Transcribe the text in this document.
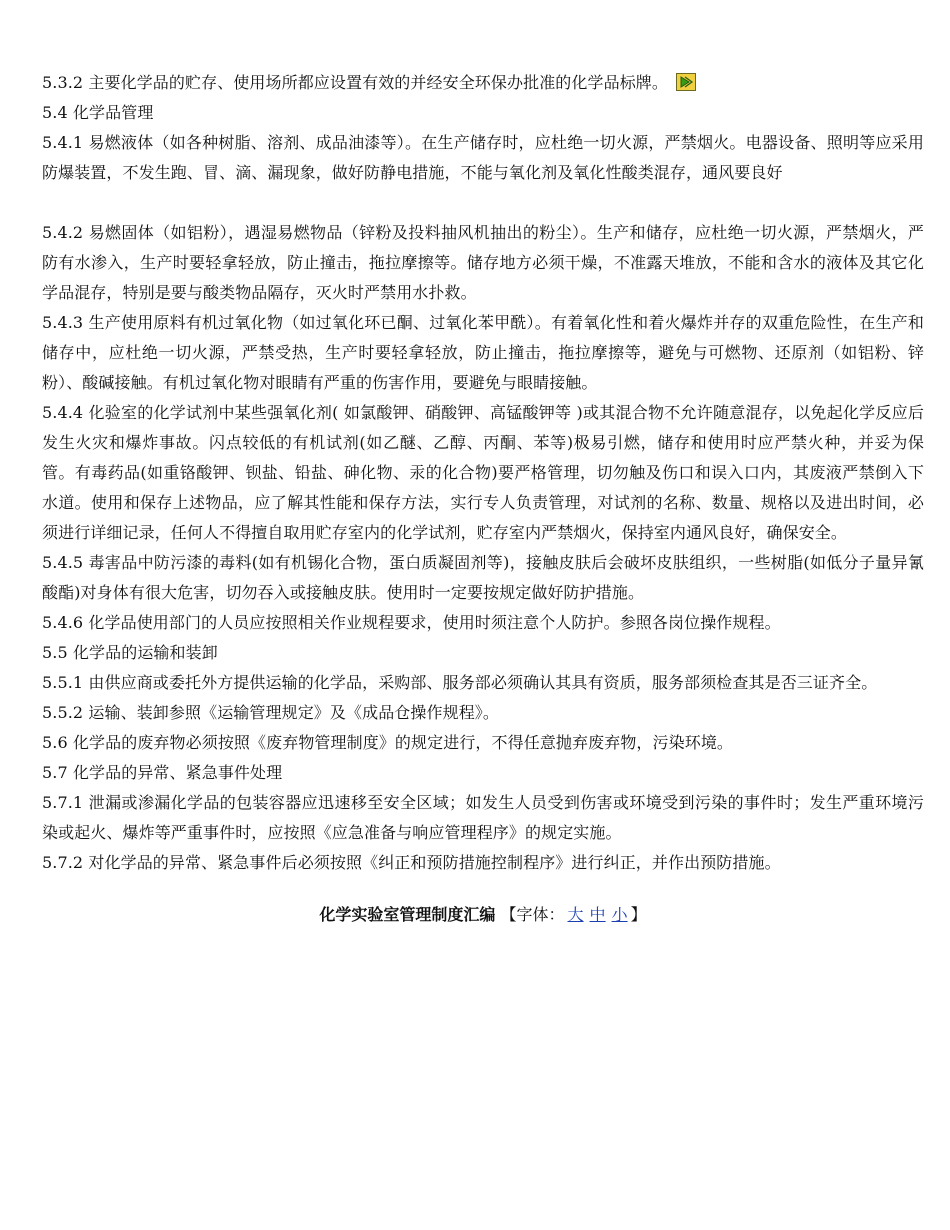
5.3.2 主要化学品的贮存、使用场所都应设置有效的并经安全环保办批准的化学品标牌。

5.4 化学品管理

5.4.1 易燃液体（如各种树脂、溶剂、成品油漆等）。在生产储存时，应杜绝一切火源，严禁烟火。电器设备、照明等应采用防爆装置，不发生跑、冒、滴、漏现象，做好防静电措施，不能与氧化剂及氧化性酸类混存，通风要良好

5.4.2 易燃固体（如铝粉），遇湿易燃物品（锌粉及投料抽风机抽出的粉尘）。生产和储存，应杜绝一切火源，严禁烟火，严防有水渗入，生产时要轻拿轻放，防止撞击，拖拉摩擦等。储存地方必须干燥，不准露天堆放，不能和含水的液体及其它化学品混存，特别是要与酸类物品隔存，灭火时严禁用水扑救。

5.4.3 生产使用原料有机过氧化物（如过氧化环已酮、过氧化苯甲酰）。有着氧化性和着火爆炸并存的双重危险性，在生产和储存中，应杜绝一切火源，严禁受热，生产时要轻拿轻放，防止撞击，拖拉摩擦等，避免与可燃物、还原剂（如铝粉、锌粉）、酸碱接触。有机过氧化物对眼睛有严重的伤害作用，要避免与眼睛接触。

5.4.4 化验室的化学试剂中某些强氧化剂( 如氯酸钾、硝酸钾、高锰酸钾等 )或其混合物不允许随意混存，以免起化学反应后发生火灾和爆炸事故。闪点较低的有机试剂(如乙醚、乙醇、丙酮、苯等)极易引燃，储存和使用时应严禁火种，并妥为保管。有毒药品(如重铬酸钾、钡盐、铅盐、砷化物、汞的化合物)要严格管理，切勿触及伤口和误入口内，其废液严禁倒入下水道。使用和保存上述物品，应了解其性能和保存方法，实行专人负责管理，对试剂的名称、数量、规格以及进出时间，必须进行详细记录，任何人不得擅自取用贮存室内的化学试剂，贮存室内严禁烟火，保持室内通风良好，确保安全。

5.4.5 毒害品中防污漆的毒料(如有机锡化合物，蛋白质凝固剂等)，接触皮肤后会破坏皮肤组织，一些树脂(如低分子量异氰酸酯)对身体有很大危害，切勿吞入或接触皮肤。使用时一定要按规定做好防护措施。

5.4.6 化学品使用部门的人员应按照相关作业规程要求，使用时须注意个人防护。参照各岗位操作规程。

5.5 化学品的运输和装卸

5.5.1 由供应商或委托外方提供运输的化学品，采购部、服务部必须确认其具有资质，服务部须检查其是否三证齐全。

5.5.2 运输、装卸参照《运输管理规定》及《成品仓操作规程》。

5.6 化学品的废弃物必须按照《废弃物管理制度》的规定进行，不得任意抛弃废弃物，污染环境。

5.7 化学品的异常、紧急事件处理

5.7.1 泄漏或渗漏化学品的包装容器应迅速移至安全区域；如发生人员受到伤害或环境受到污染的事件时；发生严重环境污染或起火、爆炸等严重事件时，应按照《应急准备与响应管理程序》的规定实施。

5.7.2 对化学品的异常、紧急事件后必须按照《纠正和预防措施控制程序》进行纠正，并作出预防措施。

化学实验室管理制度汇编 【字体： 大 中 小 】
